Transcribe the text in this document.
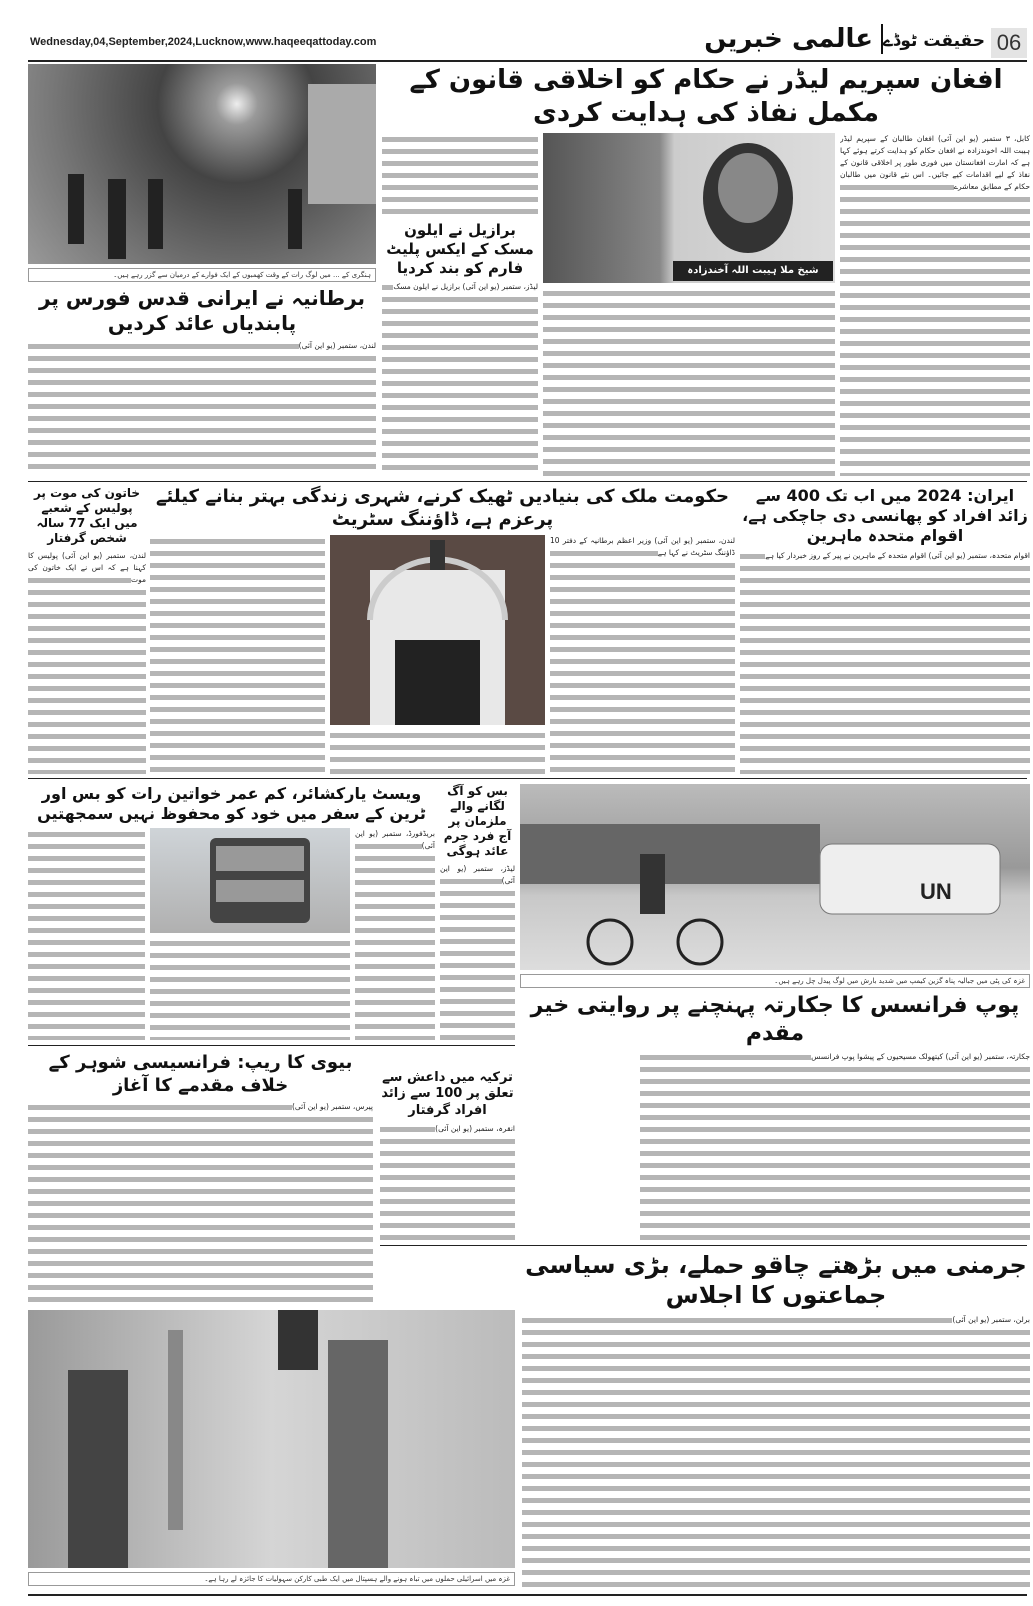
Wednesday,04,September,2024,Lucknow,www.haqeeqattoday.com	06
حقیقت ٹوڈے
عالمی خبریں
ہنگری کے ... میں لوگ رات کے وقت کھمبوں کے ایک فوارے کے درمیان سے گزر رہے ہیں۔
برطانیہ نے ایرانی قدس فورس پر پابندیاں عائد کردیں

لندن، ستمبر (یو این آئی)

افغان سپریم لیڈر نے حکام کو اخلاقی قانون کے مکمل نفاذ کی ہدایت کردی

کابل، ۳ ستمبر (یو این آئی) افغان طالبان کے سپریم لیڈر ہیبت اللہ اخوندزادہ نے افغان حکام کو ہدایت کرتے ہوئے کہا ہے کہ امارت افغانستان میں فوری طور پر اخلاقی قانون کے نفاذ کے لیے اقدامات کیے جائیں۔ اس نئے قانون میں طالبان حکام کے مطابق معاشرے

شیخ ملا ہیبت اللہ آخندزادہ
برازیل نے ایلون مسک کے ایکس پلیٹ فارم کو بند کردیا

لیڈز، ستمبر (یو این آئی) برازیل نے ایلون مسک

ایران: 2024 میں اب تک 400 سے زائد افراد کو پھانسی دی جاچکی ہے، اقوام متحدہ ماہرین

اقوام متحدہ، ستمبر (یو این آئی) اقوام متحدہ کے ماہرین نے پیر کے روز خبردار کیا ہے

حکومت ملک کی بنیادیں ٹھیک کرنے، شہری زندگی بہتر بنانے کیلئے پرعزم ہے، ڈاؤننگ سٹریٹ

لندن، ستمبر (یو این آئی) وزیر اعظم برطانیہ کے دفتر 10 ڈاؤننگ سٹریٹ نے کہا ہے

خاتون کی موت پر پولیس کے شعبے میں ایک 77 سالہ شخص گرفتار

لندن، ستمبر (یو این آئی) پولیس کا کہنا ہے کہ اس نے ایک خاتون کی موت

UN
غزہ کی پٹی میں جبالیہ پناہ گزین کیمپ میں شدید بارش میں لوگ پیدل چل رہے ہیں۔
پوپ فرانسس کا جکارتہ پہنچنے پر روایتی خیر مقدم

جکارتہ، ستمبر (یو این آئی) کیتھولک مسیحیوں کے پیشوا پوپ فرانسس

بس کو آگ لگانے والے ملزمان پر آج فرد جرم عائد ہوگی

لیڈز، ستمبر (یو این آئی)

ویسٹ یارکشائر، کم عمر خواتین رات کو بس اور ٹرین کے سفر میں خود کو محفوظ نہیں سمجھتیں

بریڈفورڈ، ستمبر (یو این آئی)

ترکیہ میں داعش سے تعلق پر 100 سے زائد افراد گرفتار

انقرہ، ستمبر (یو این آئی)

بیوی کا ریپ: فرانسیسی شوہر کے خلاف مقدمے کا آغاز

پیرس، ستمبر (یو این آئی)

جرمنی میں بڑھتے چاقو حملے، بڑی سیاسی جماعتوں کا اجلاس

برلن، ستمبر (یو این آئی)

غزہ میں اسرائیلی حملوں میں تباہ ہونے والے ہسپتال میں ایک طبی کارکن سہولیات کا جائزہ لے رہا ہے۔
